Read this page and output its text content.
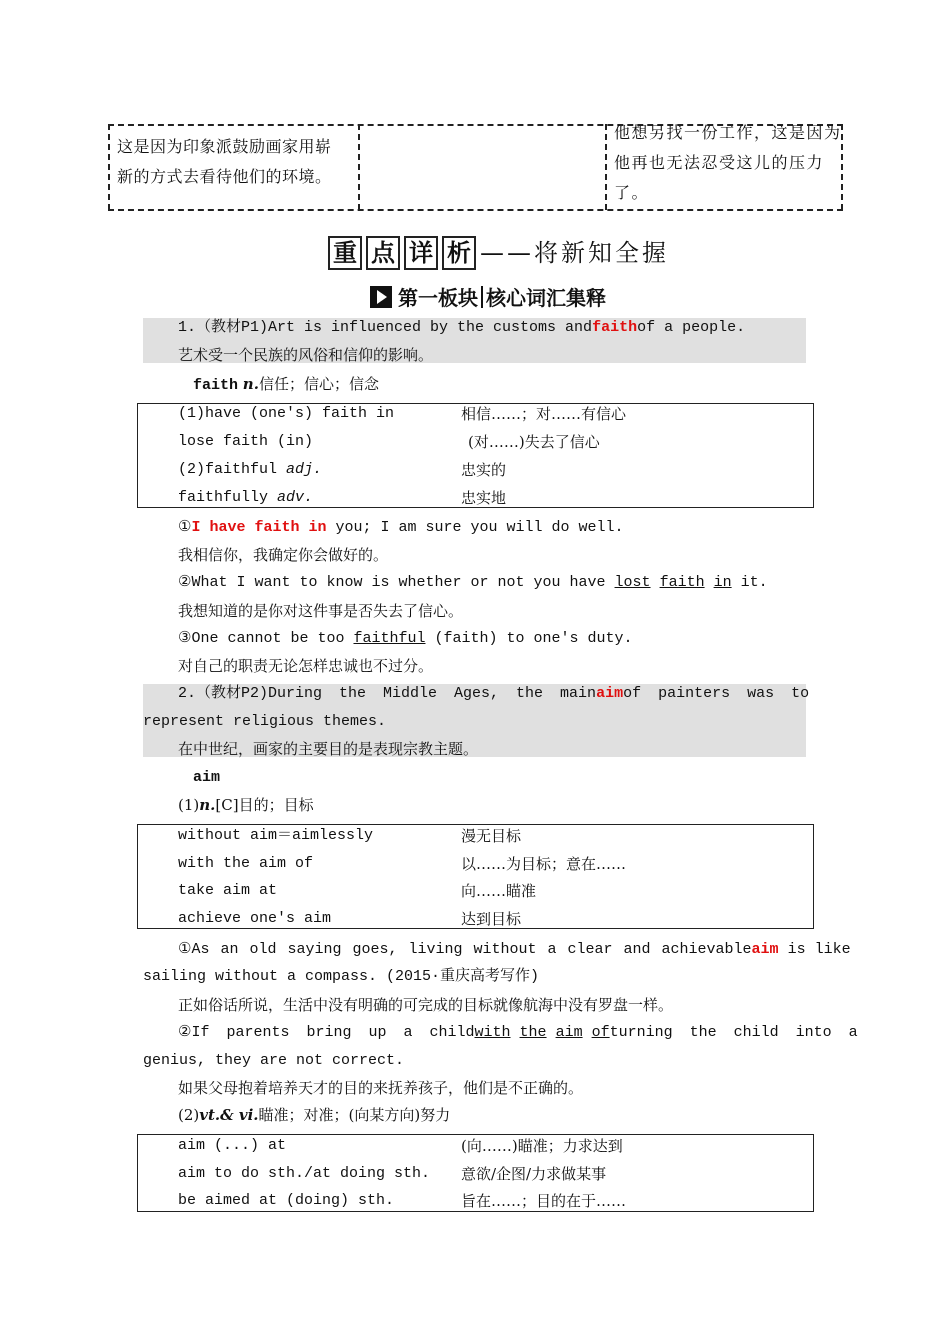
这是因为印象派鼓励画家用崭
新的方式去看待他们的环境。
他想另找一份工作，这是因为
他再也无法忍受这儿的压力
了。
重 点 详 析 ——将新知全握
第一板块 核心词汇集释
1.（教材P1)Art is influenced by the customs andfaithof a people.
艺术受一个民族的风俗和信仰的影响。
faith n.信任；信心；信念
(1)have (one's) faith in	相信……；对……有信心
lose faith (in)	(对……)失去了信心
(2)faithful adj.	忠实的
faithfully adv.	忠实地
①I have faith in you; I am sure you will do well.
我相信你，我确定你会做好的。
②What I want to know is whether or not you have lost faith in it.
我想知道的是你对这件事是否失去了信心。
③One cannot be too faithful (faith) to one's duty.
对自己的职责无论怎样忠诚也不过分。
2.（教材P2)During the Middle Ages, the main aimof painters was to
represent religious themes.
在中世纪，画家的主要目的是表现宗教主题。
aim
(1)n.[C]目的；目标
without aim＝aimlessly	漫无目标
with the aim of	以……为目标；意在……
take aim at	向……瞄准
achieve one's aim	达到目标
①As an old saying goes, living without a clear and achievable aim is like
sailing without a compass. (2015·重庆高考写作)
正如俗话所说，生活中没有明确的可完成的目标就像航海中没有罗盘一样。
②If parents bring up a child with the aim of turning the child into a
genius, they are not correct.
如果父母抱着培养天才的目的来抚养孩子，他们是不正确的。
(2)vt.& vi.瞄准；对准；(向某方向)努力
aim (...) at	(向……)瞄准；力求达到
aim to do sth./at doing sth. 意欲/企图/力求做某事
be aimed at (doing) sth.	旨在……；目的在于……
